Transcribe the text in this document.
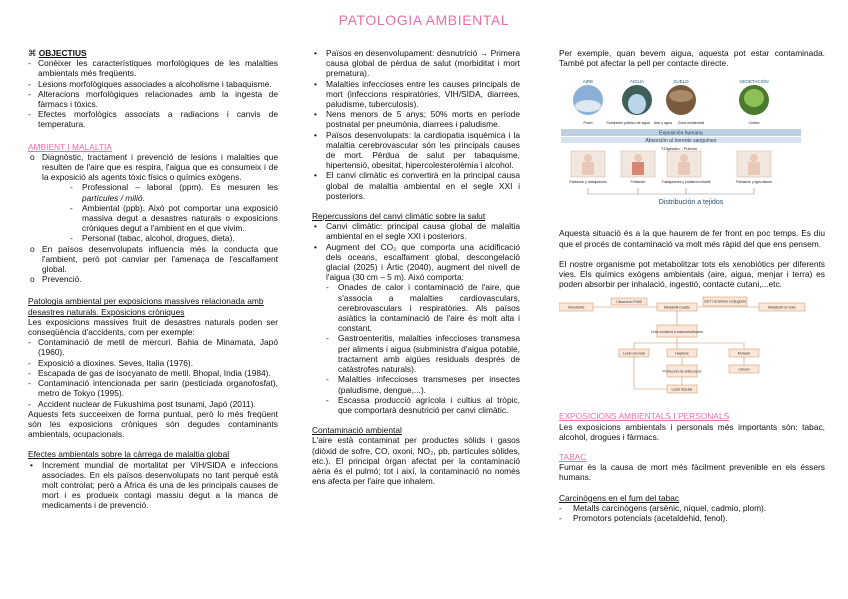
PATOLOGIA AMBIENTAL

⌘ OBJECTIUS

- Conèixer les característiques morfològiques de les malalties ambientals més freqüents.
- Lesions morfològiques associades a alcoholisme i tabaquisme.
- Alteracions morfològiques relacionades amb la ingesta de fàrmacs i tòxics.
- Efectes morfològics associats a radiacions i canvis de temperatura.

AMBIENT I MALALTIA

o Diagnòstic, tractament i prevenció de lesions i malalties que resulten de l'aire que es respira, l'aigua que es consumeix i de la exposició als agents tòxic físics o químics exògens.
- Professional – laboral (ppm). Es mesuren les partícules / milió.
- Ambiental (ppb). Això pot comportar una exposició massiva degut a desastres naturals o exposicions cròniques degut a l'ambient en el que vivim.
- Personal (tabac, alcohol, drogues, dieta).
o En països desenvolupats influencia més la conducta que l'ambient, però pot canviar per l'amenaça de l'escalfament global.
o Prevenció.

Patologia ambiental per exposicions massives relacionada amb desastres naturals. Exposicions cròniques

Les exposicions massives fruit de desastres naturals poden ser conseqüència d'accidents, com per exemple:

- Contaminació de metil de mercuri. Bahia de Minamata, Japó (1960).
- Exposició a dioxines. Seves, Italia (1976).
- Escapada de gas de isocyanato de metil. Bhopal, India (1984).
- Contaminació intencionada per sarin (pesticiada organofosfat), metro de Tokyo (1995).
- Accident nuclear de Fukushima post tsunami, Japó (2011).

Aquests fets succeeixen de forma puntual, però lo més freqüent són les exposicions cròniques són degudes contaminants ambientals, ocupacionals.

Efectes ambientals sobre la càrrega de malaltia global

• Increment mundial de mortalitat per VIH/SIDA e infeccions associades. En els països desenvolupats no tant perquè està molt controlat; però a Àfrica és una de les principals causes de mort i es produeix contagi massiu degut a la manca de medicaments i de prevenció.
• Països en desenvolupament: desnutrició → Primera causa global de pèrdua de salut (morbiditat i mort prematura).
• Malalties infeccioses entre les causes principals de mort (infeccions respiratòries, VIH/SIDA, diarrees, paludisme, tuberculosis).
• Nens menors de 5 anys; 50% morts en període postnatal per pneumònia, diarrees i paludisme.
• Països desenvolupats: la cardiopatia isquèmica i la malaltia cerebrovascular són les principals causes de mort. Pèrdua de salut per tabaquisme, hipertensió, obesitat, hipercolesterolèmia i alcohol.
• El canvi climàtic es convertirà en la principal causa global de malaltia ambiental en el segle XXI i posteriors.

Repercussions del canvi climàtic sobre la salut

• Canvi climàtic: principal causa global de malaltia ambiental en el segle XXI i posteriors.
• Augment del CO₂ que comporta una acidificació dels oceans, escalfament global, descongelació glacial (2025) i Àrtic (2040), augment del nivell de l'aigua (30 cm – 5 m). Això comporta:
- Onades de calor i contaminació de l'aire, que s'associa a malalties cardiovasculars, cerebrovasculars i respiratòries. Als països asiàtics la contaminació de l'aire és molt alta i constant.
- Gastroenteritis, malalties infeccioses transmesa per aliments i aigua (subministra d'aigua potable, tractament amb aigües residuals després de catàstrofes naturals).
- Malalties infeccioses transmeses per insectes (paludisme, dengue,...).
- Escassa producció agrícola i cultius al tròpic, que comportarà desnutrició per canvi climàtic.

Contaminació ambiental

L'aire està contaminat per productes sòlids i gasos (diòxid de sofre, CO, oxoni, NO₂, pb, partícules sòlides, etc.). El principal òrgan afectat per la contaminació aèria és el pulmó; tot i així, la contaminació no només ens afecta per l'aire que inhalem.

Per exemple, quan bevem aigua, aquesta pot estar contaminada. També pot afectar la pell per contacte directe.

AIRE	AIGUA	SUELO	VEGETACIÓN
Polvo	Suministro público de agua Aire y agua Zona residencial	Cultivo
Exposición humana
Absorción al torrente sanguíneo
T.Digestivo Pulmón
Población y trabajadores	Población	Trabajadores y población infantil	Población y agricultores
Distribución a tejidos

Aquesta situació és a la que haurem de fer front en poc temps. Es diu que el procés de contaminació va molt més ràpid del que ens pensem.

El nostre organisme pot metabolitzar tots els xenobiòtics per diferents vies. Els químics exògens ambientals (aire, aigua, menjar i terra) es poden absorbir per inhalació, ingestió, contacte cutani,...etc.

Xenobiòtic
Citocromo P450
Metabolit reactiu
GST i Enzimes conjugació
Metabolit no tòxic
Unió covalent a macromolècules
Lesió cel·lular	Haptens	Mutació
Producció de anticossos	Càncer
Lesió tissular

EXPOSICIONS AMBIENTALS I PERSONALS

Les exposicions ambientals i personals més importants són: tabac, alcohol, drogues i fàrmacs.

TABAC

Fumar és la causa de mort més fàcilment prevenible en els éssers humans.

Carcinògens en el fum del tabac

- Metalls carcinògens (arsènic, níquel, cadmio, plom).
- Promotors potencials (acetaldehid, fenol).
